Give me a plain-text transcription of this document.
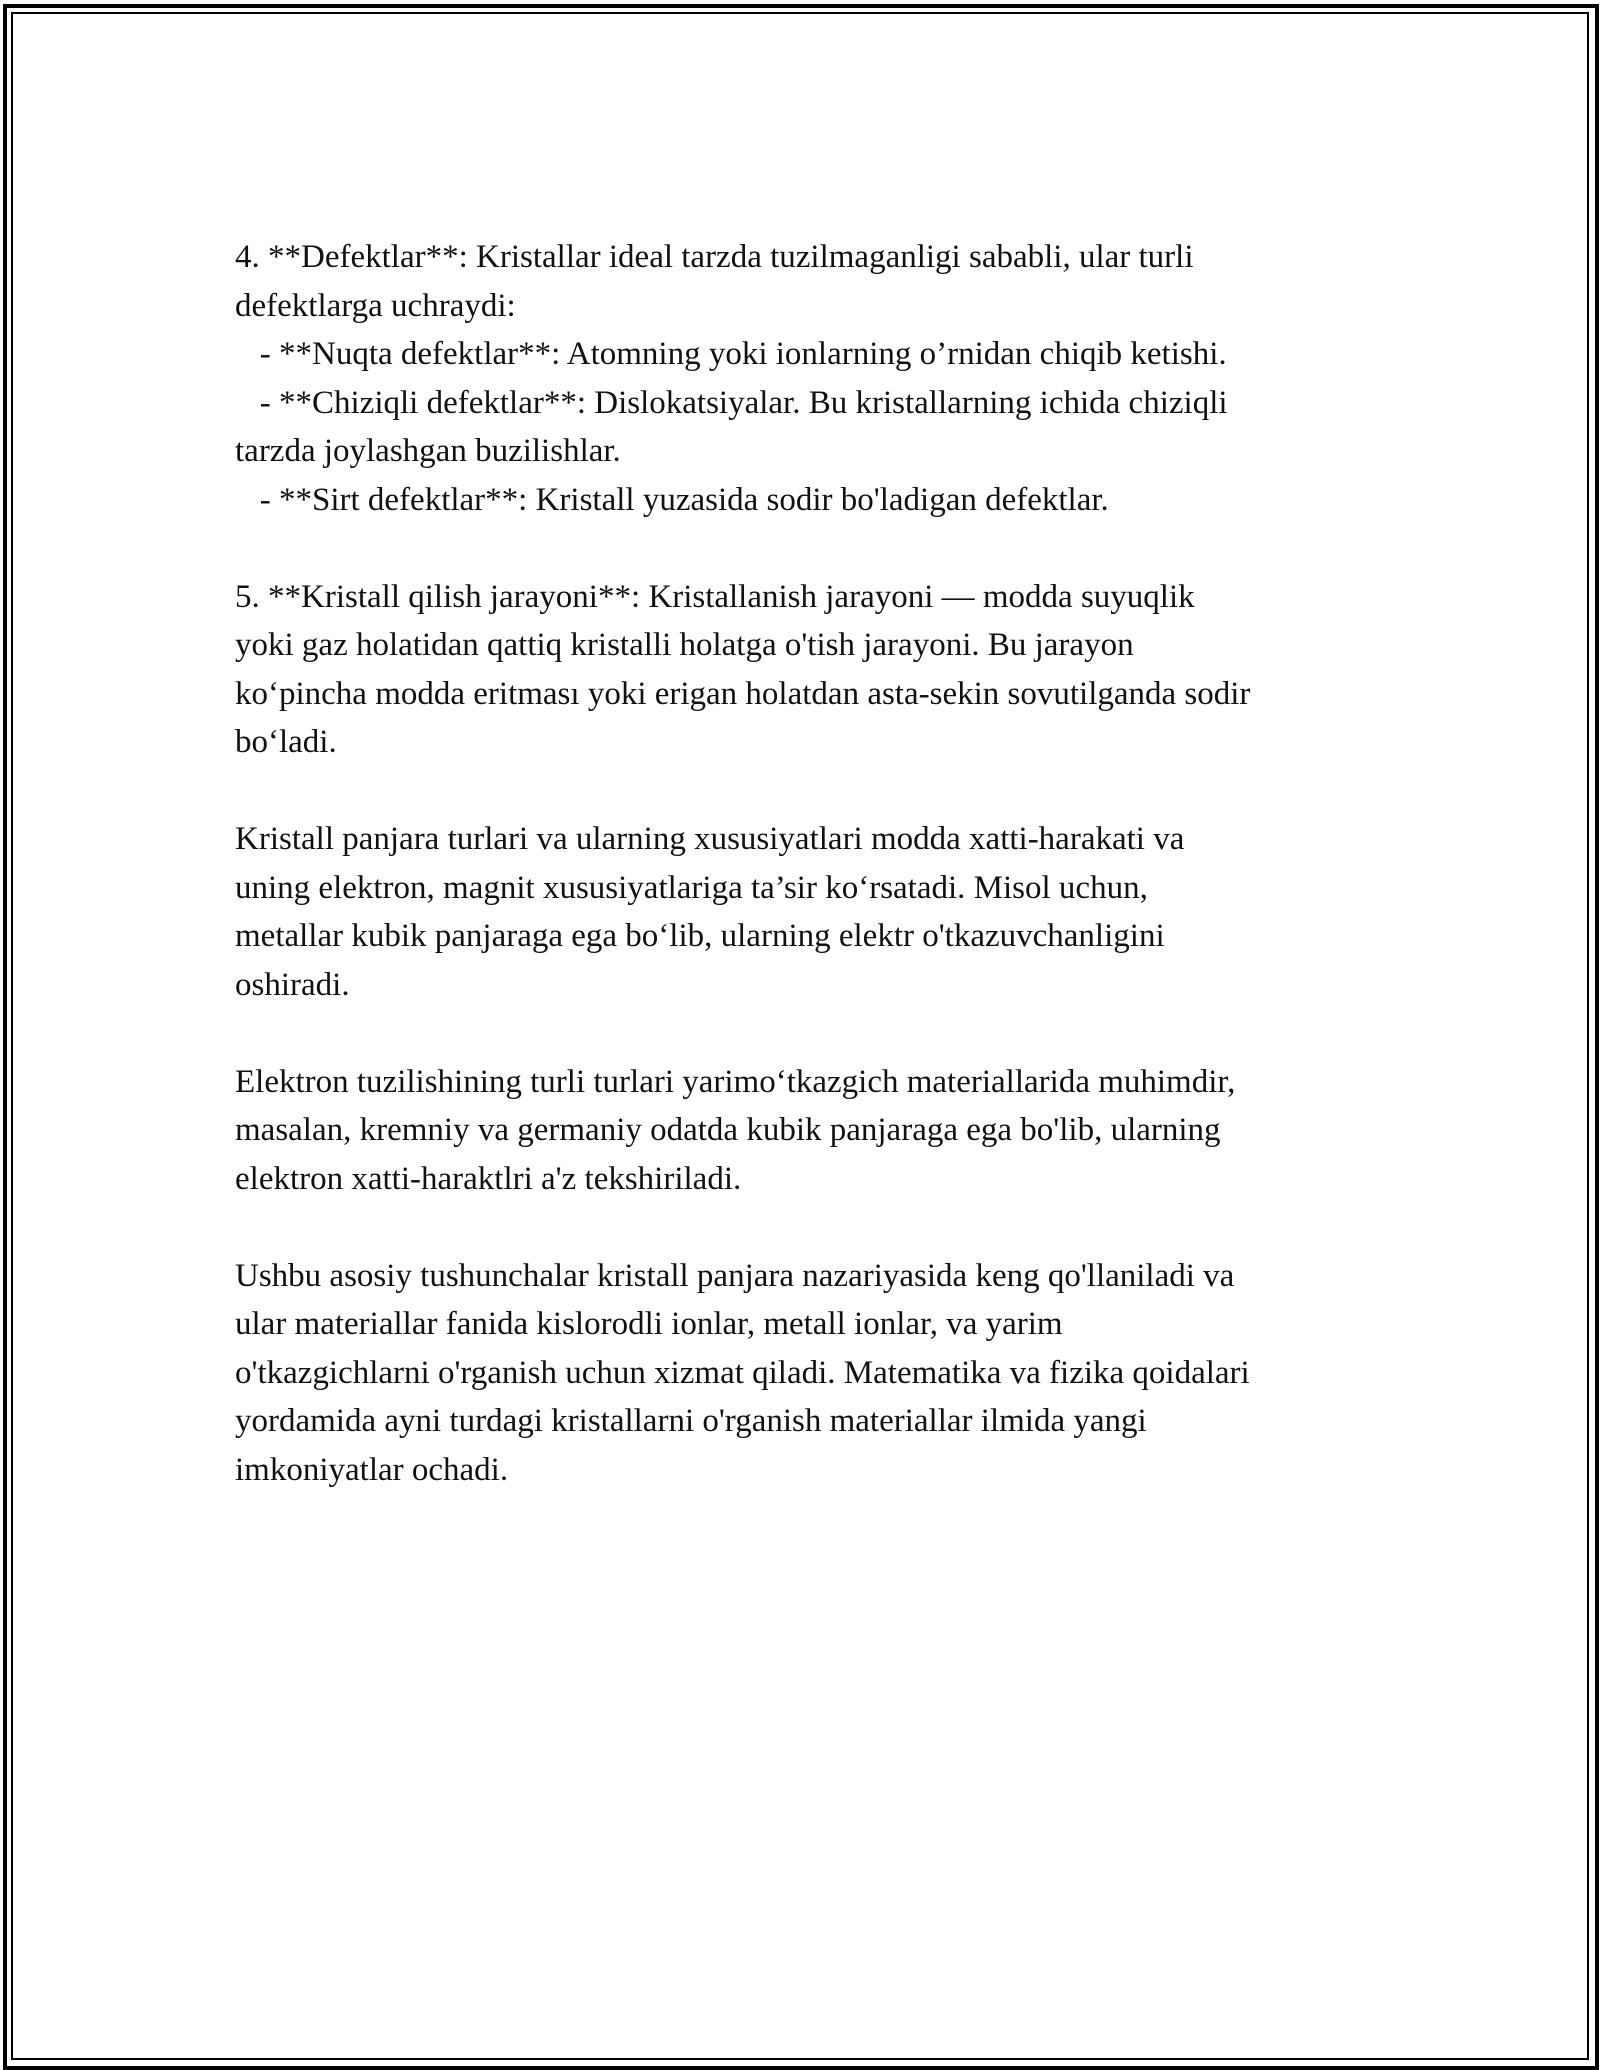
4. **Defektlar**: Kristallar ideal tarzda tuzilmaganligi sababli, ular turli
defektlarga uchraydi:
- **Nuqta defektlar**: Atomning yoki ionlarning o’rnidan chiqib ketishi.
- **Chiziqli defektlar**: Dislokatsiyalar. Bu kristallarning ichida chiziqli
tarzda joylashgan buzilishlar.
- **Sirt defektlar**: Kristall yuzasida sodir bo'ladigan defektlar.
5. **Kristall qilish jarayoni**: Kristallanish jarayoni — modda suyuqlik
yoki gaz holatidan qattiq kristalli holatga o'tish jarayoni. Bu jarayon
ko‘pincha modda eritması yoki erigan holatdan asta-sekin sovutilganda sodir
bo‘ladi.
Kristall panjara turlari va ularning xususiyatlari modda xatti-harakati va
uning elektron, magnit xususiyatlariga ta’sir ko‘rsatadi. Misol uchun,
metallar kubik panjaraga ega bo‘lib, ularning elektr o'tkazuvchanligini
oshiradi.
Elektron tuzilishining turli turlari yarimo‘tkazgich materiallarida muhimdir,
masalan, kremniy va germaniy odatda kubik panjaraga ega bo'lib, ularning
elektron xatti-haraktlri a'z tekshiriladi.
Ushbu asosiy tushunchalar kristall panjara nazariyasida keng qo'llaniladi va
ular materiallar fanida kislorodli ionlar, metall ionlar, va yarim
o'tkazgichlarni o'rganish uchun xizmat qiladi. Matematika va fizika qoidalari
yordamida ayni turdagi kristallarni o'rganish materiallar ilmida yangi
imkoniyatlar ochadi.
